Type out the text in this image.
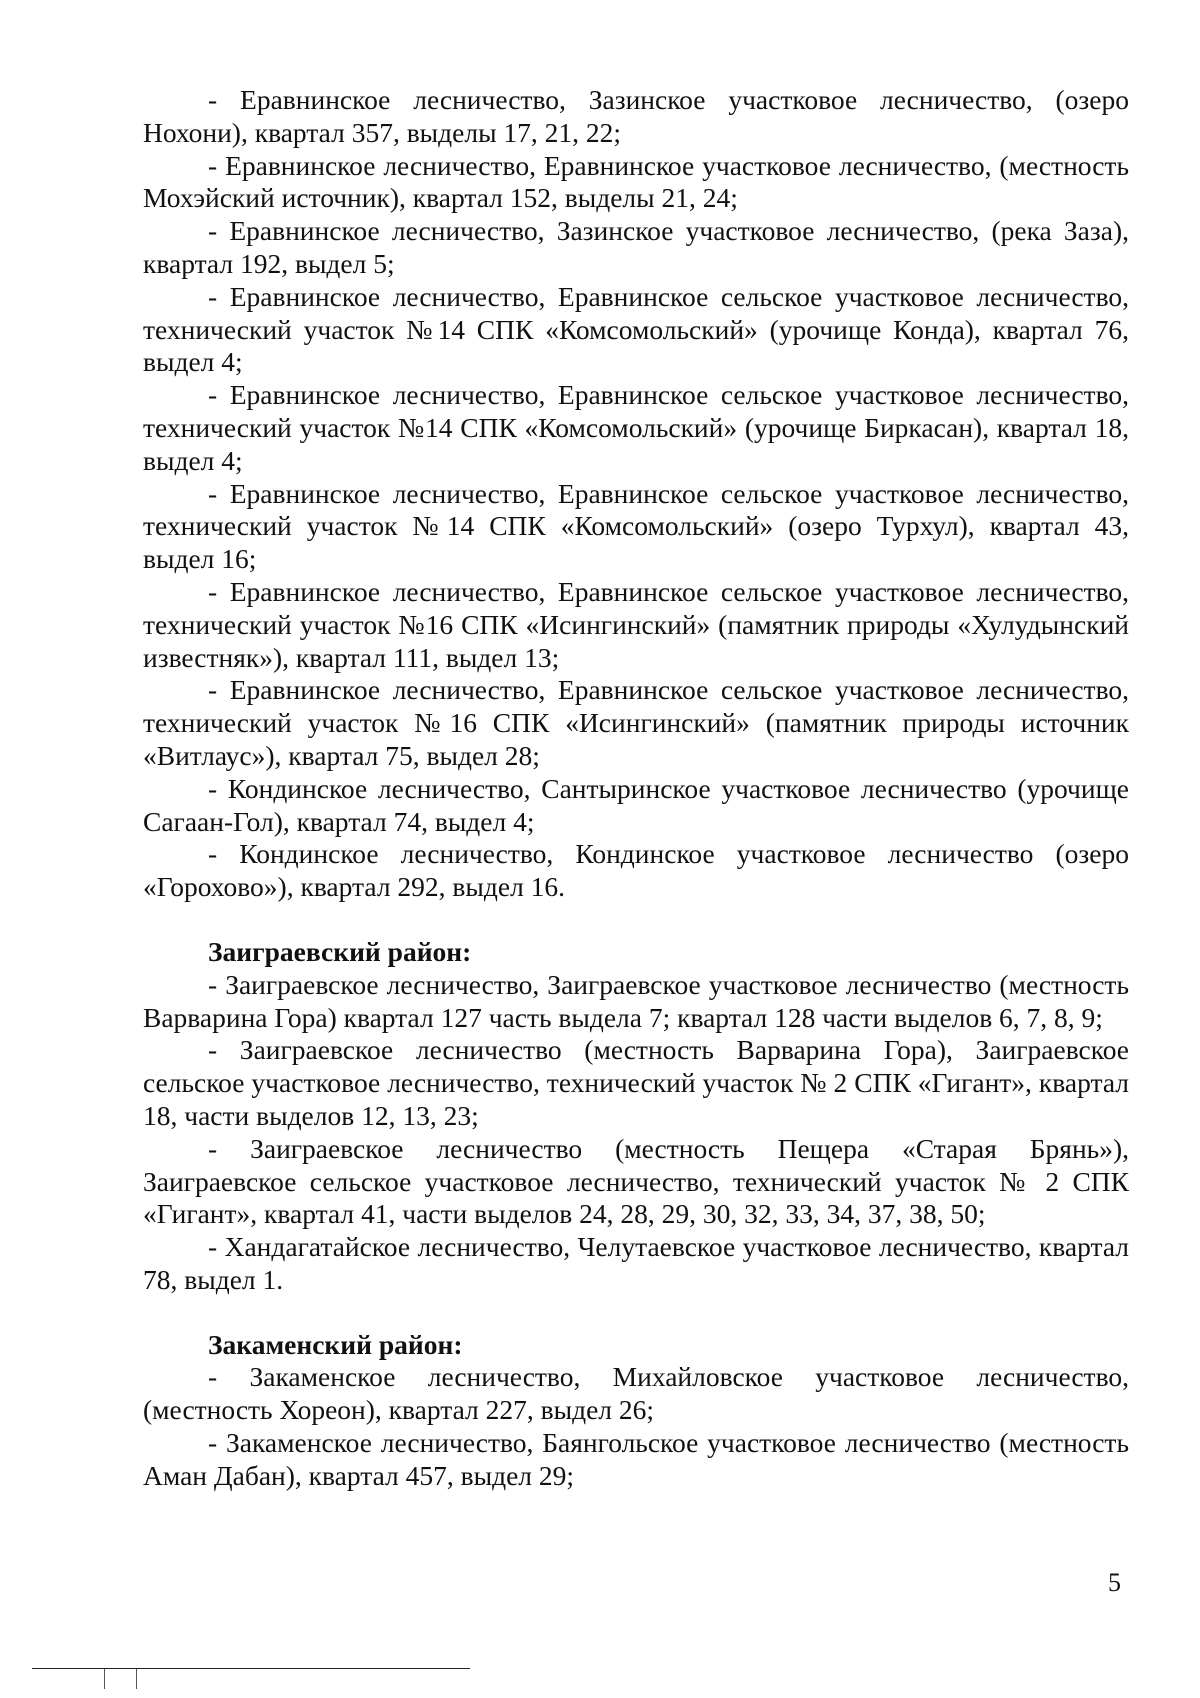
- Еравнинское лесничество, Зазинское участковое лесничество, (озеро Нохони), квартал 357, выделы 17, 21, 22;

- Еравнинское лесничество, Еравнинское участковое лесничество, (местность Мохэйский источник), квартал 152, выделы 21, 24;

- Еравнинское лесничество, Зазинское участковое лесничество, (река Заза), квартал 192, выдел 5;

- Еравнинское лесничество, Еравнинское сельское участковое лесничество, технический участок №14 СПК «Комсомольский» (урочище Конда), квартал 76, выдел 4;

- Еравнинское лесничество, Еравнинское сельское участковое лесничество, технический участок №14 СПК «Комсомольский» (урочище Биркасан), квартал 18, выдел 4;

- Еравнинское лесничество, Еравнинское сельское участковое лесничество, технический участок №14 СПК «Комсомольский» (озеро Турхул), квартал 43, выдел 16;

- Еравнинское лесничество, Еравнинское сельское участковое лесничество, технический участок №16 СПК «Исингинский» (памятник природы «Хулудынский известняк»), квартал 111, выдел 13;

- Еравнинское лесничество, Еравнинское сельское участковое лесничество, технический участок №16 СПК «Исингинский» (памятник природы источник «Витлаус»), квартал 75, выдел 28;

- Кондинское лесничество, Сантыринское участковое лесничество (урочище Сагаан-Гол), квартал 74, выдел 4;

- Кондинское лесничество, Кондинское участковое лесничество (озеро «Горохово»), квартал 292, выдел 16.

Заиграевский район:

- Заиграевское лесничество, Заиграевское участковое лесничество (местность Варварина Гора) квартал 127 часть выдела 7; квартал 128 части выделов 6, 7, 8, 9;

- Заиграевское лесничество (местность Варварина Гора), Заиграевское сельское участковое лесничество, технический участок № 2 СПК «Гигант», квартал 18, части выделов 12, 13, 23;

- Заиграевское лесничество (местность Пещера «Старая Брянь»), Заиграевское сельское участковое лесничество, технический участок № 2 СПК «Гигант», квартал 41, части выделов 24, 28, 29, 30, 32, 33, 34, 37, 38, 50;

- Хандагатайское лесничество, Челутаевское участковое лесничество, квартал 78, выдел 1.

Закаменский район:

- Закаменское лесничество, Михайловское участковое лесничество, (местность Хореон), квартал 227, выдел 26;

- Закаменское лесничество, Баянгольское участковое лесничество (местность Аман Дабан), квартал 457, выдел 29;

5
